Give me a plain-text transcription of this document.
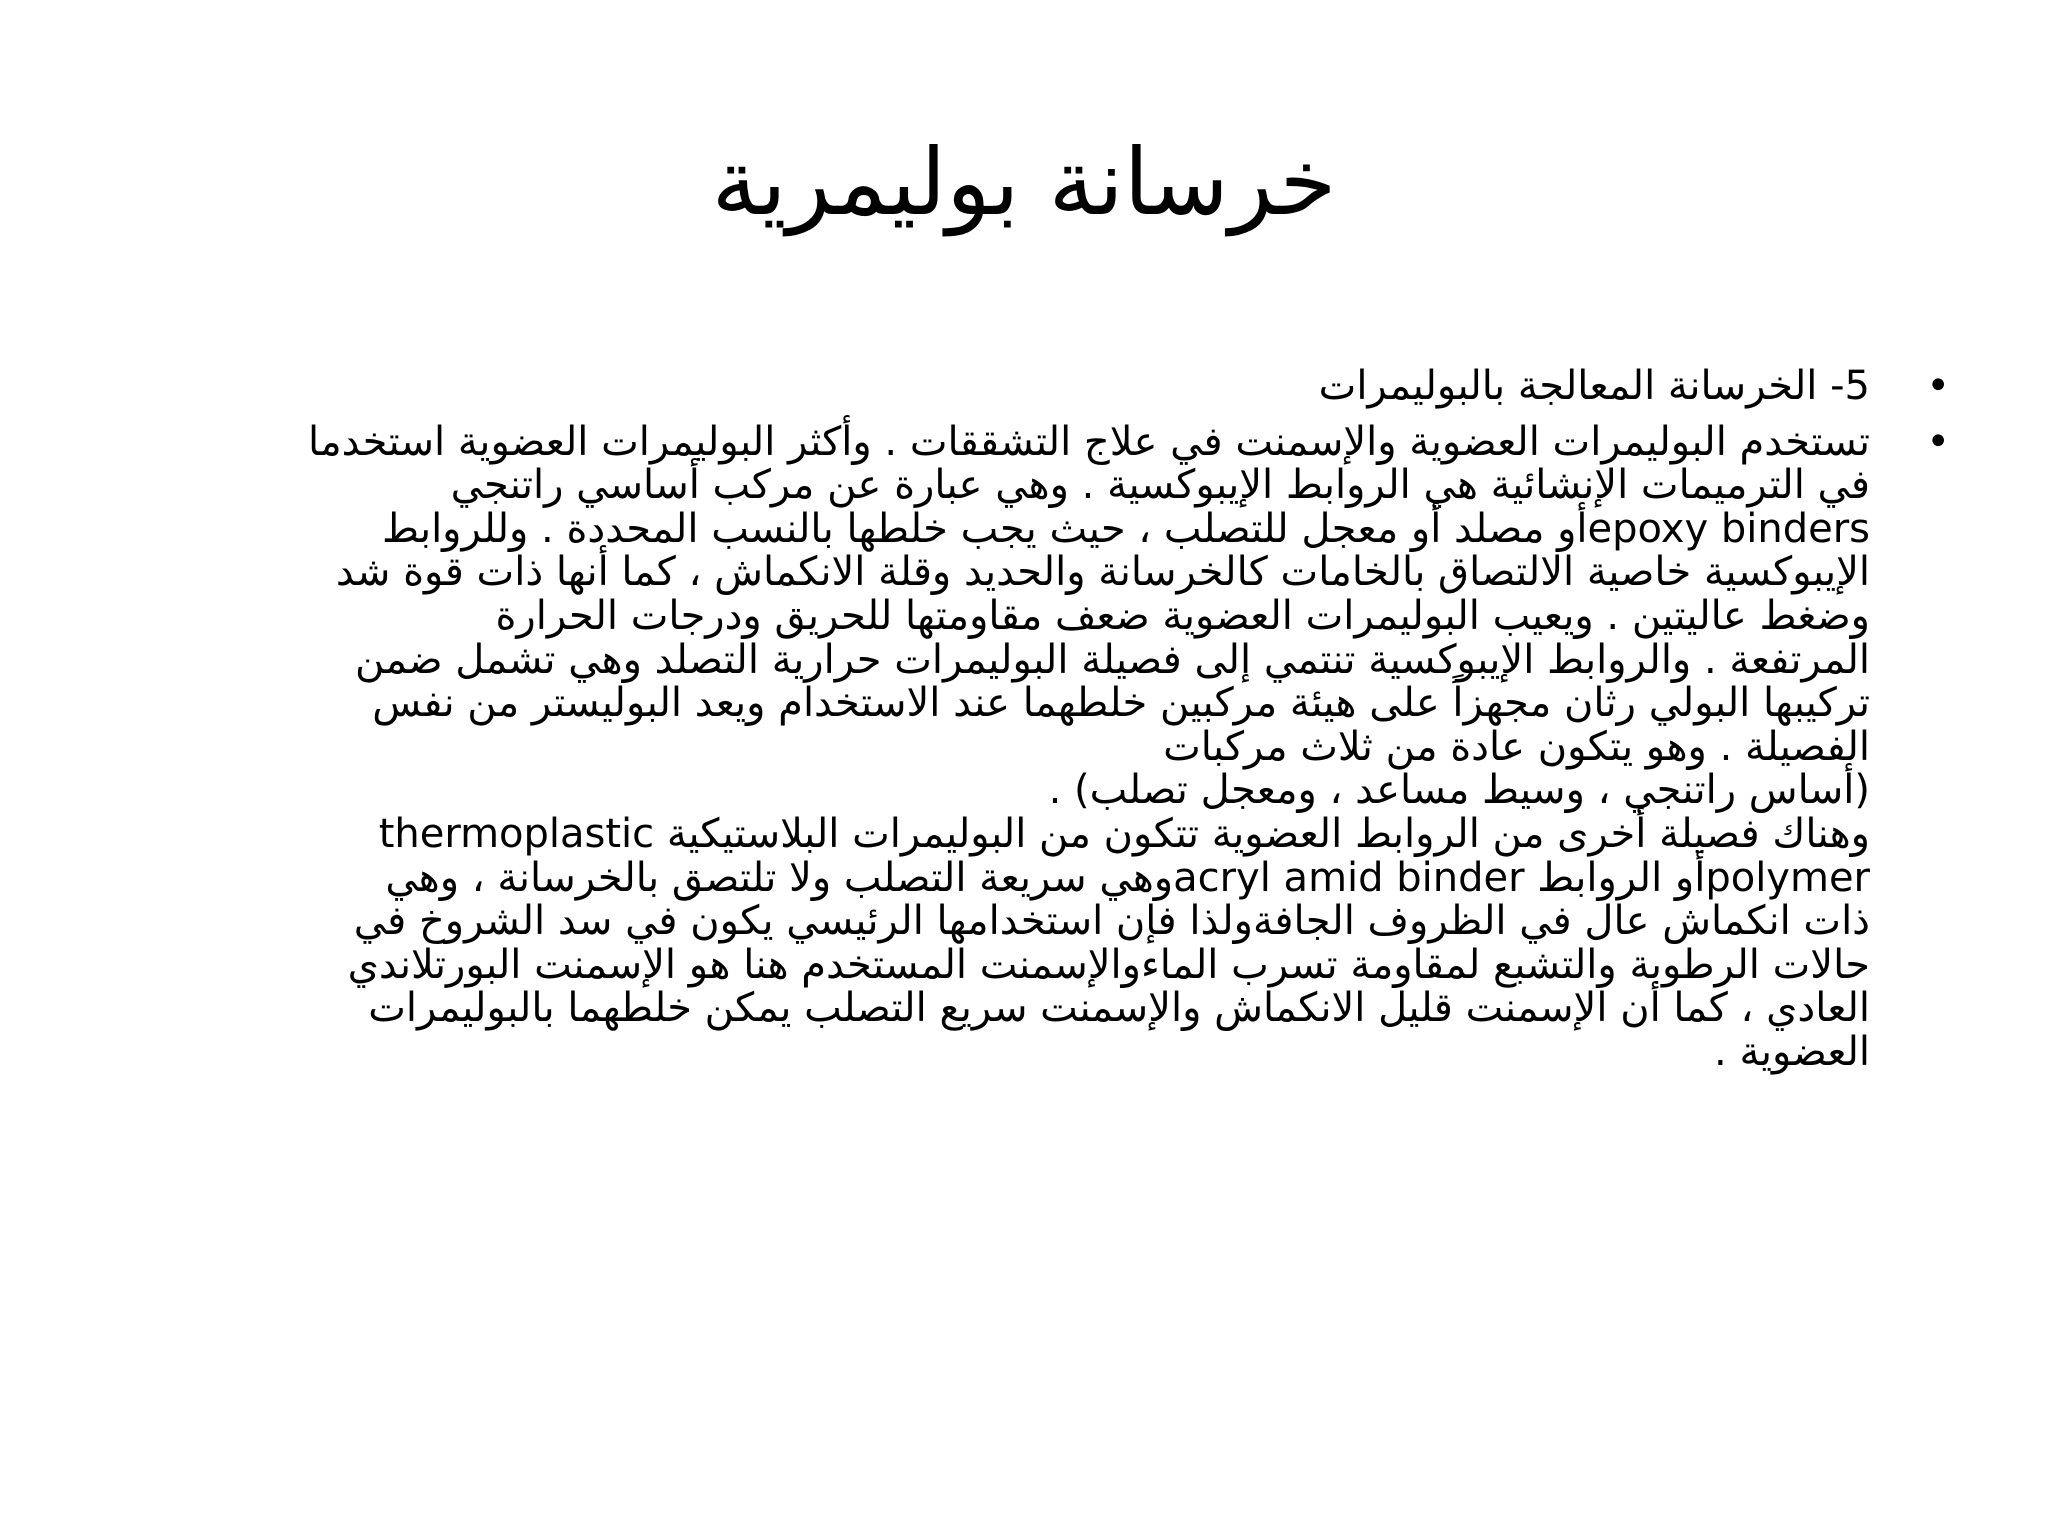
خرسانة بوليمرية
•
5- الخرسانة المعالجة بالبوليمرات
•
تستخدم البوليمرات العضوية والإسمنت في علاج التشققات . وأكثر البوليمرات العضوية استخدما
في الترميمات الإنشائية هي الروابط الإيبوكسية . وهي عبارة عن مركب أساسي راتنجي
epoxy bindersأو مصلد أو معجل للتصلب ، حيث يجب خلطها بالنسب المحددة . وللروابط
الإيبوكسية خاصية الالتصاق بالخامات كالخرسانة والحديد وقلة الانكماش ، كما أنها ذات قوة شد
وضغط عاليتين . ويعيب البوليمرات العضوية ضعف مقاومتها للحريق ودرجات الحرارة
المرتفعة . والروابط الإيبوكسية تنتمي إلى فصيلة البوليمرات حرارية التصلد وهي تشمل ضمن
تركيبها البولي رثان مجهزاً على هيئة مركبين خلطهما عند الاستخدام ويعد البوليستر من نفس
الفصيلة . وهو يتكون عادة من ثلاث مركبات
(أساس راتنجي ، وسيط مساعد ، ومعجل تصلب) .
وهناك فصيلة أخرى من الروابط العضوية تتكون من البوليمرات البلاستيكية thermoplastic
polymerأو الروابط acryl amid binderوهي سريعة التصلب ولا تلتصق بالخرسانة ، وهي
ذات انكماش عال في الظروف الجافةولذا فإن استخدامها الرئيسي يكون في سد الشروخ في
حالات الرطوبة والتشبع لمقاومة تسرب الماءوالإسمنت المستخدم هنا هو الإسمنت البورتلاندي
العادي ، كما أن الإسمنت قليل الانكماش والإسمنت سريع التصلب يمكن خلطهما بالبوليمرات
العضوية .
